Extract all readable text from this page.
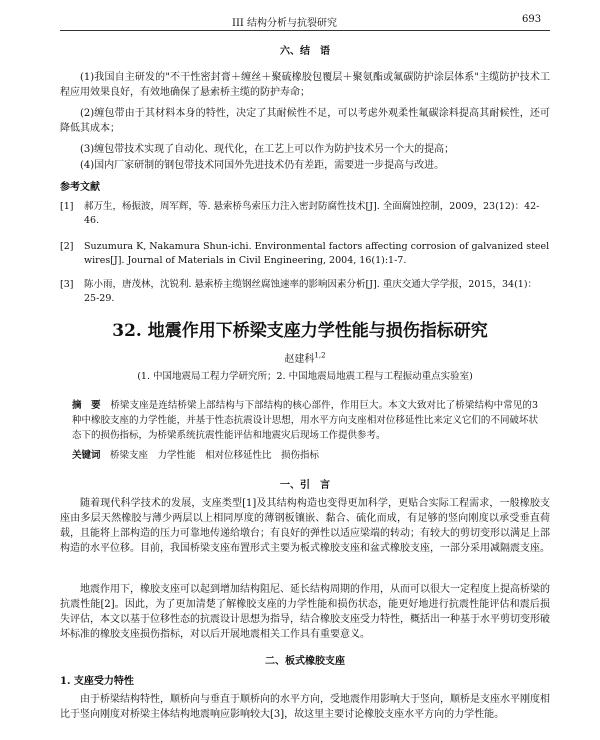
III 结构分析与抗裂研究	693
六、结　语
(1)我国自主研发的"不干性密封膏＋缠丝＋聚硫橡胶包覆层＋聚氨酯或氟碳防护涂层体系"主缆防护技术工程应用效果良好，有效地确保了悬索桥主缆的防护寿命；
(2)缠包带由于其材料本身的特性，决定了其耐候性不足，可以考虑外观柔性氟碳涂料提高其耐候性，还可降低其成本；
(3)缠包带技术实现了自动化、现代化，在工艺上可以作为防护技术另一个大的提高；
(4)国内厂家研制的钢包带技术同国外先进技术仍有差距，需要进一步提高与改进。
参考文献
[1]	郝万生，杨振波，周军辉，等. 悬索桥鸟索压力注入密封防腐性技术[J]. 全面腐蚀控制，2009，23(12)：42-46.
[2]	Suzumura K, Nakamura Shun-ichi. Environmental factors affecting corrosion of galvanized steel wires[J]. Journal of Materials in Civil Engineering, 2004, 16(1):1-7.
[3]	陈小雨，唐茂林，沈锐利. 悬索桥主缆钢丝腐蚀速率的影响因素分析[J]. 重庆交通大学学报，2015，34(1)：25-29.
32. 地震作用下桥梁支座力学性能与损伤指标研究
赵建科$^{1,2}$
(1. 中国地震局工程力学研究所；2. 中国地震局地震工程与工程振动重点实验室)
摘　要　 桥梁支座是连结桥梁上部结构与下部结构的核心部件，作用巨大。本文大致对比了桥梁结构中常见的3种中橡胶支座的力学性能，并基于性态抗震设计思想，用水平方向支座相对位移延性比来定义它们的不同破坏状态下的损伤指标，为桥梁系统抗震性能评估和地震灾后现场工作提供参考。
关键词　 桥梁支座　力学性能　相对位移延性比　损伤指标
一、引　言
随着现代科学技术的发展，支座类型[1]及其结构构造也变得更加科学，更贴合实际工程需求，一般橡胶支座由多层天然橡胶与薄少两层以上相同厚度的薄钢板镶嵌、黏合、硫化而成，有足够的竖向刚度以承受垂直荷载，且能将上部构造的压力可靠地传递给墩台；有良好的弹性以适应梁端的转动；有较大的剪切变形以满足上部构造的水平位移。目前，我国桥梁支座布置形式主要为板式橡胶支座和盆式橡胶支座，一部分采用减隔震支座。
地震作用下，橡胶支座可以起到增加结构阻尼、延长结构周期的作用，从而可以很大一定程度上提高桥梁的抗震性能[2]。因此，为了更加清楚了解橡胶支座的力学性能和损伤状态，能更好地进行抗震性能评估和震后损失评估，本文以基于位移性态的抗震设计思想为指导，结合橡胶支座受力特性，概括出一种基于水平剪切变形破坏标准的橡胶支座损伤指标，对以后开展地震相关工作具有重要意义。
二、板式橡胶支座
1. 支座受力特性
由于桥梁结构特性，顺桥向与垂直于顺桥向的水平方向，受地震作用影响大于竖向，顺桥是支座水平刚度相比于竖向刚度对桥梁主体结构地震响应影响较大[3]，故这里主要讨论橡胶支座水平方向的力学性能。
